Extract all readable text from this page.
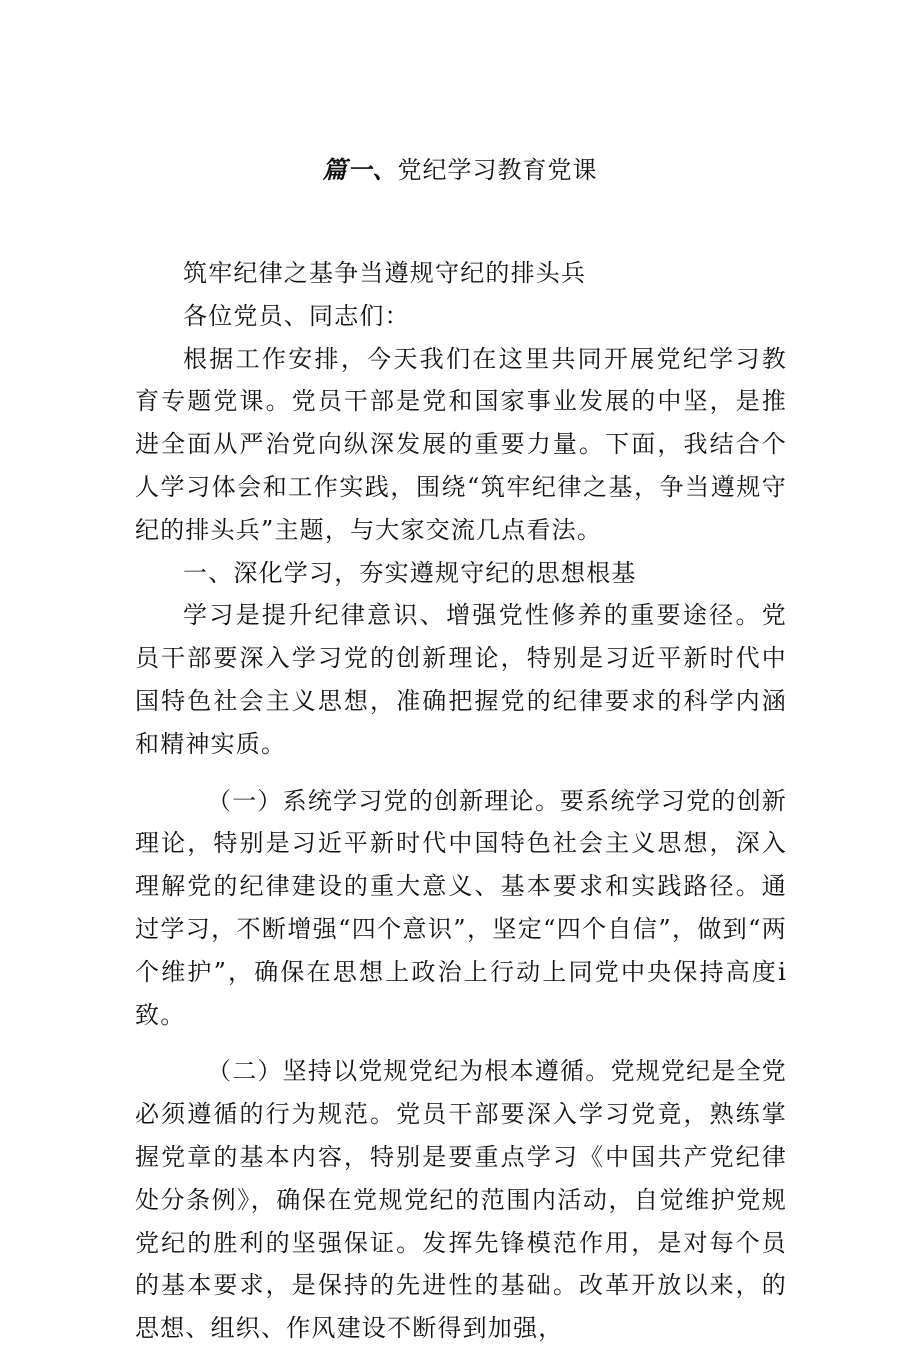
篇一、党纪学习教育党课

筑牢纪律之基争当遵规守纪的排头兵

各位党员、同志们：

根据工作安排，今天我们在这里共同开展党纪学习教育专题党课。党员干部是党和国家事业发展的中坚，是推进全面从严治党向纵深发展的重要力量。下面，我结合个人学习体会和工作实践，围绕“筑牢纪律之基，争当遵规守纪的排头兵”主题，与大家交流几点看法。

一、深化学习，夯实遵规守纪的思想根基

学习是提升纪律意识、增强党性修养的重要途径。党员干部要深入学习党的创新理论，特别是习近平新时代中国特色社会主义思想，准确把握党的纪律要求的科学内涵和精神实质。

（一）系统学习党的创新理论。要系统学习党的创新理论，特别是习近平新时代中国特色社会主义思想，深入理解党的纪律建设的重大意义、基本要求和实践路径。通过学习，不断增强“四个意识”，坚定“四个自信”，做到“两个维护”，确保在思想上政治上行动上同党中央保持高度i致。

（二）坚持以党规党纪为根本遵循。党规党纪是全党必须遵循的行为规范。党员干部要深入学习党竟，熟练掌握党章的基本内容，特别是要重点学习《中国共产党纪律处分条例》，确保在党规党纪的范围内活动，自觉维护党规党纪的胜利的坚强保证。发挥先锋模范作用，是对每个员的基本要求，是保持的先进性的基础。改革开放以来，的思想、组织、作风建设不断得到加强，
